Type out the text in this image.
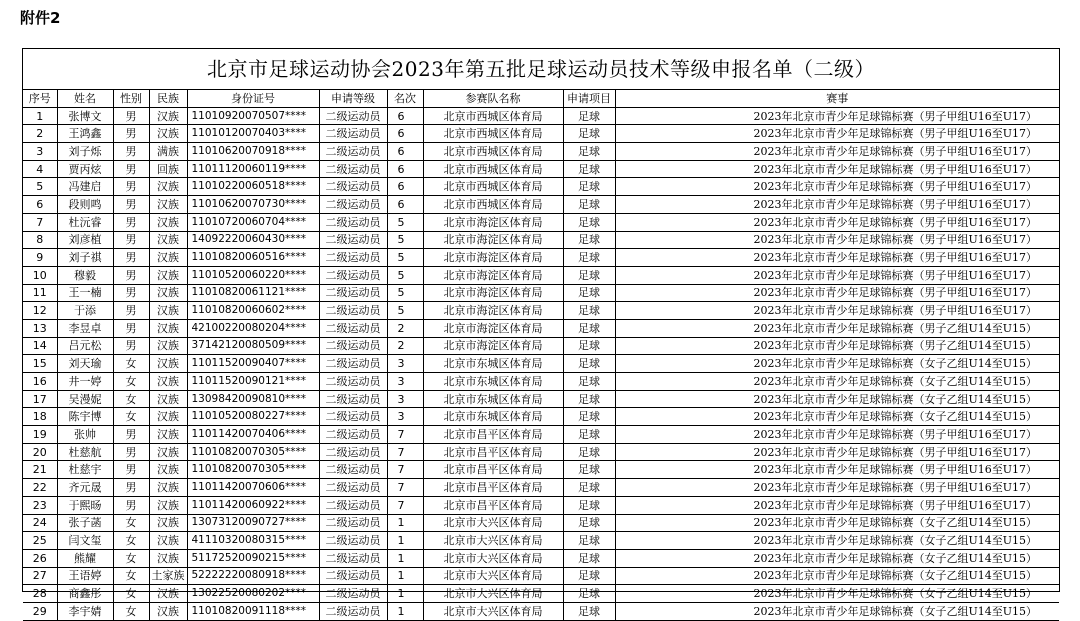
附件2
北京市足球运动协会2023年第五批足球运动员技术等级申报名单（二级）
序号	姓名	性别	民族	身份证号	申请等级	名次	参赛队名称	申请项目	赛事
1	张博文	男	汉族	11010920070507****	二级运动员	6	北京市西城区体育局	足球	2023年北京市青少年足球锦标赛（男子甲组U16至U17）
2	王鸿鑫	男	汉族	11010120070403****	二级运动员	6	北京市西城区体育局	足球	2023年北京市青少年足球锦标赛（男子甲组U16至U17）
3	刘子烁	男	满族	11010620070918****	二级运动员	6	北京市西城区体育局	足球	2023年北京市青少年足球锦标赛（男子甲组U16至U17）
4	贾丙炫	男	回族	11011120060119****	二级运动员	6	北京市西城区体育局	足球	2023年北京市青少年足球锦标赛（男子甲组U16至U17）
5	冯建启	男	汉族	11010220060518****	二级运动员	6	北京市西城区体育局	足球	2023年北京市青少年足球锦标赛（男子甲组U16至U17）
6	段则鸣	男	汉族	11010620070730****	二级运动员	6	北京市西城区体育局	足球	2023年北京市青少年足球锦标赛（男子甲组U16至U17）
7	杜沅睿	男	汉族	11010720060704****	二级运动员	5	北京市海淀区体育局	足球	2023年北京市青少年足球锦标赛（男子甲组U16至U17）
8	刘彦植	男	汉族	14092220060430****	二级运动员	5	北京市海淀区体育局	足球	2023年北京市青少年足球锦标赛（男子甲组U16至U17）
9	刘子祺	男	汉族	11010820060516****	二级运动员	5	北京市海淀区体育局	足球	2023年北京市青少年足球锦标赛（男子甲组U16至U17）
10	穆毅	男	汉族	11010520060220****	二级运动员	5	北京市海淀区体育局	足球	2023年北京市青少年足球锦标赛（男子甲组U16至U17）
11	王一楠	男	汉族	11010820061121****	二级运动员	5	北京市海淀区体育局	足球	2023年北京市青少年足球锦标赛（男子甲组U16至U17）
12	于添	男	汉族	11010820060602****	二级运动员	5	北京市海淀区体育局	足球	2023年北京市青少年足球锦标赛（男子甲组U16至U17）
13	李昱卓	男	汉族	42100220080204****	二级运动员	2	北京市海淀区体育局	足球	2023年北京市青少年足球锦标赛（男子乙组U14至U15）
14	吕元松	男	汉族	37142120080509****	二级运动员	2	北京市海淀区体育局	足球	2023年北京市青少年足球锦标赛（男子乙组U14至U15）
15	刘天瑜	女	汉族	11011520090407****	二级运动员	3	北京市东城区体育局	足球	2023年北京市青少年足球锦标赛（女子乙组U14至U15）
16	井一婷	女	汉族	11011520090121****	二级运动员	3	北京市东城区体育局	足球	2023年北京市青少年足球锦标赛（女子乙组U14至U15）
17	吴漫妮	女	汉族	13098420090810****	二级运动员	3	北京市东城区体育局	足球	2023年北京市青少年足球锦标赛（女子乙组U14至U15）
18	陈宇博	女	汉族	11010520080227****	二级运动员	3	北京市东城区体育局	足球	2023年北京市青少年足球锦标赛（女子乙组U14至U15）
19	张帅	男	汉族	11011420070406****	二级运动员	7	北京市昌平区体育局	足球	2023年北京市青少年足球锦标赛（男子甲组U16至U17）
20	杜慈航	男	汉族	11010820070305****	二级运动员	7	北京市昌平区体育局	足球	2023年北京市青少年足球锦标赛（男子甲组U16至U17）
21	杜慈宇	男	汉族	11010820070305****	二级运动员	7	北京市昌平区体育局	足球	2023年北京市青少年足球锦标赛（男子甲组U16至U17）
22	齐元晟	男	汉族	11011420070606****	二级运动员	7	北京市昌平区体育局	足球	2023年北京市青少年足球锦标赛（男子甲组U16至U17）
23	于熙旸	男	汉族	11011420060922****	二级运动员	7	北京市昌平区体育局	足球	2023年北京市青少年足球锦标赛（男子甲组U16至U17）
24	张子菡	女	汉族	13073120090727****	二级运动员	1	北京市大兴区体育局	足球	2023年北京市青少年足球锦标赛（女子乙组U14至U15）
25	闫文玺	女	汉族	41110320080315****	二级运动员	1	北京市大兴区体育局	足球	2023年北京市青少年足球锦标赛（女子乙组U14至U15）
26	熊耀	女	汉族	51172520090215****	二级运动员	1	北京市大兴区体育局	足球	2023年北京市青少年足球锦标赛（女子乙组U14至U15）
27	王语婷	女	土家族	52222220080918****	二级运动员	1	北京市大兴区体育局	足球	2023年北京市青少年足球锦标赛（女子乙组U14至U15）
28	商鑫彤	女	汉族	13022520080202****	二级运动员	1	北京市大兴区体育局	足球	2023年北京市青少年足球锦标赛（女子乙组U14至U15）
29	李宇婧	女	汉族	11010820091118****	二级运动员	1	北京市大兴区体育局	足球	2023年北京市青少年足球锦标赛（女子乙组U14至U15）
